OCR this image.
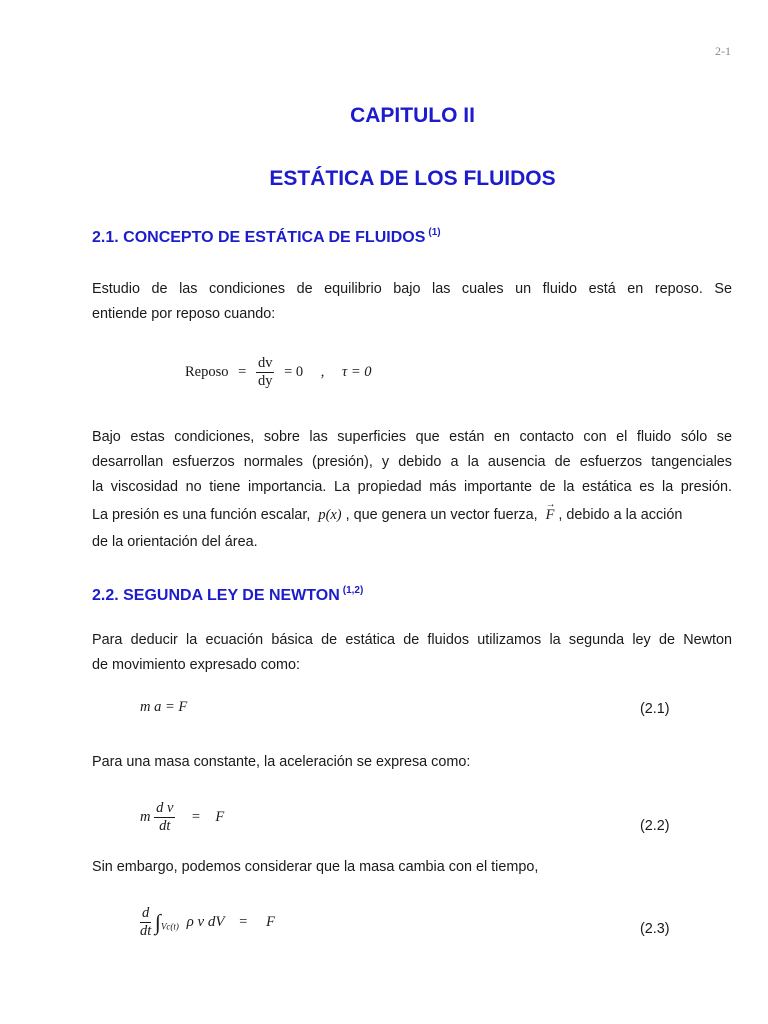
2-1
CAPITULO II
ESTÁTICA DE LOS FLUIDOS
2.1. CONCEPTO DE ESTÁTICA DE FLUIDOS $^{(1)}$
Estudio de las condiciones de equilibrio bajo las cuales un fluido está en reposo. Se
entiende por reposo cuando:
Reposo = $\frac{dv}{dy} = 0$ , τ = 0
Bajo estas condiciones, sobre las superficies que están en contacto con el fluido sólo se
desarrollan esfuerzos normales (presión), y debido a la ausencia de esfuerzos tangenciales
la viscosidad no tiene importancia. La propiedad más importante de la estática es la presión.
La presión es una función escalar, p(x) , que genera un vector fuerza, → F , debido a la acción
de la orientación del área.
2.2. SEGUNDA LEY DE NEWTON $^{(1,2)}$
Para deducir la ecuación básica de estática de fluidos utilizamos la segunda ley de Newton
de movimiento expresado como:
m a = F	(2.1)
Para una masa constante, la aceleración se expresa como:
m $\frac{\text{d v}}{dt}$ =    F
(2.2)
Sin embargo, podemos considerar que la masa cambia con el tiempo,
$\frac{d}{dt} \int_{Vc(t)}$ ρ v dV =     F	(2.3)
